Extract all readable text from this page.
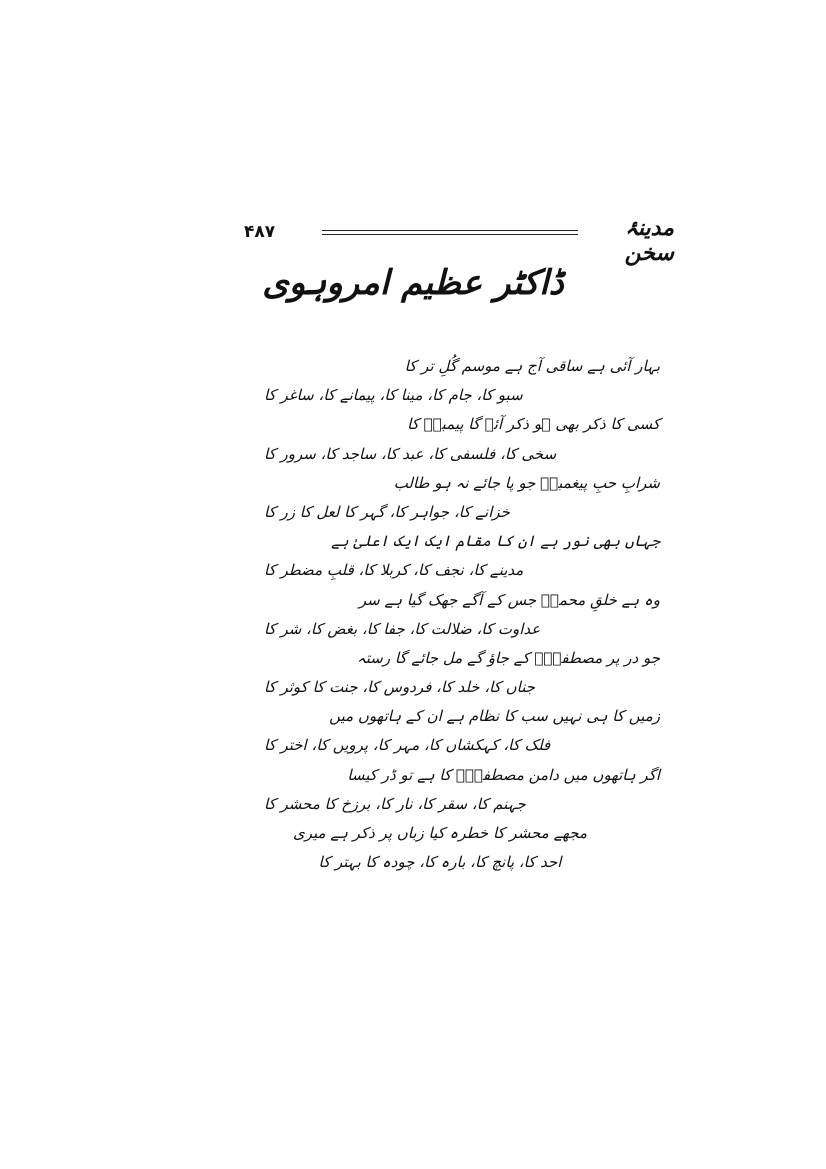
۴۸۷	مدینۂ سخن
ڈاکٹر عظیم امروہوی
بہار آئی ہے ساقی آج ہے موسم گُلِ تر کا
سبو کا، جام کا، مینا کا، پیمانے کا، ساغر کا
کسی کا ذکر بھی ہو ذکر آئے گا پیمبرؐ کا
سخی کا، فلسفی کا، عبد کا، ساجد کا، سرور کا
شرابِ حبِ پیغمبرؐ جو پا جائے نہ ہو طالب
خزانے کا، جواہر کا، گہر کا لعل کا زر کا
جہاں بھی نور ہے ان کا مقام ایک ایک اعلیٰ ہے
مدینے کا، نجف کا، کربلا کا، قلبِ مضطر کا
وہ ہے خلقِ محمدؐ جس کے آگے جھک گیا ہے سر
عداوت کا، ضلالت کا، جفا کا، بغض کا، شر کا
جو در پر مصطفیٰؐ کے جاؤ گے مل جائے گا رستہ
جناں کا، خلد کا، فردوس کا، جنت کا کوثر کا
زمیں کا ہی نہیں سب کا نظام ہے ان کے ہاتھوں میں
فلک کا، کہکشاں کا، مہر کا، پرویں کا، اختر کا
اگر ہاتھوں میں دامن مصطفیٰؐ کا ہے تو ڈر کیسا
جہنم کا، سقر کا، نار کا، برزخ کا محشر کا
مجھے محشر کا خطرہ کیا زباں پر ذکر ہے میری
احد کا، پانچ کا، بارہ کا، چودہ کا بہتر کا
